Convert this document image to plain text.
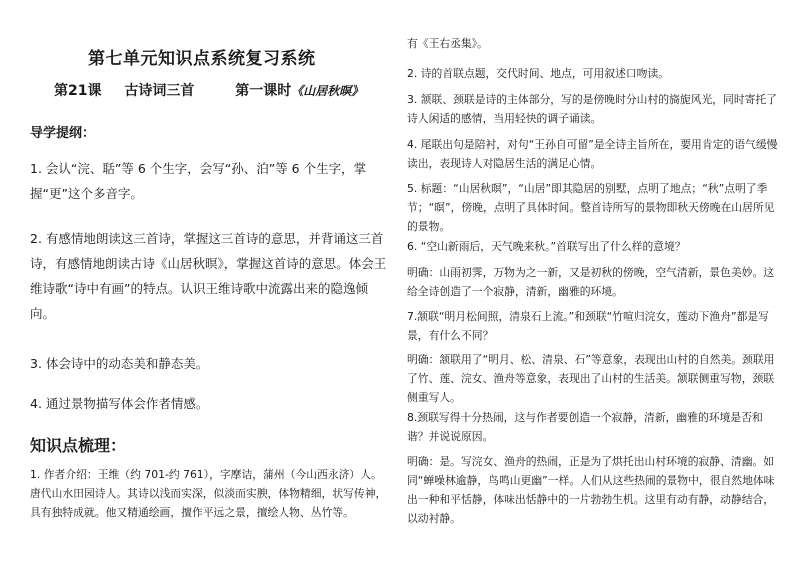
第七单元知识点系统复习系统
第21课 古诗词三首	第一课时《山居秋暝》
导学提纲：
1. 会认“浣、聒”等 6 个生字，会写“孙、泊”等 6 个生字，掌握“更”这个多音字。
2. 有感情地朗读这三首诗，掌握这三首诗的意思，并背诵这三首诗，有感情地朗读古诗《山居秋暝》，掌握这首诗的意思。体会王维诗歌“诗中有画”的特点。认识王维诗歌中流露出来的隐逸倾向。
3. 体会诗中的动态美和静态美。
4. 通过景物描写体会作者情感。
知识点梳理：
1. 作者介绍：王维（约 701-约 761），字摩诘，蒲州（今山西永济）人。唐代山水田园诗人。其诗以浅而实深，似淡而实腴，体物精细，状写传神，具有独特成就。他又精通绘画，擅作平远之景，擅绘人物、丛竹等。
有《王右丞集》。
2. 诗的首联点题，交代时间、地点，可用叙述口吻读。
3. 颔联、颈联是诗的主体部分，写的是傍晚时分山村的旖旎风光，同时寄托了诗人闲适的感情，当用轻快的调子诵读。
4. 尾联出句是陪衬，对句“王孙自可留”是全诗主旨所在，要用肯定的语气缓慢读出，表现诗人对隐居生活的满足心情。
5. 标题：“山居秋暝”，“山居”即其隐居的别墅，点明了地点；“秋”点明了季节；“暝”，傍晚，点明了具体时间。整首诗所写的景物即秋天傍晚在山居所见的景物。
6. “空山新雨后，天气晚来秋。”首联写出了什么样的意境？
明确：山雨初霁，万物为之一新，又是初秋的傍晚，空气清新，景色美妙。这给全诗创造了一个寂静，清新，幽雅的环境。
7.颔联“明月松间照，清泉石上流。”和颈联“竹喧归浣女，莲动下渔舟”都是写景，有什么不同？
明确：颔联用了“明月、松、清泉、石”等意象，表现出山村的自然美。颈联用了竹、莲、浣女、渔舟等意象，表现出了山村的生活美。颔联侧重写物，颈联侧重写人。
8.颈联写得十分热闹，这与作者要创造一个寂静，清新，幽雅的环境是否和谐？并说说原因。
明确：是。写浣女、渔舟的热闹，正是为了烘托出山村环境的寂静、清幽。如同“蝉噪林逾静，鸟鸣山更幽”一样。人们从这些热闹的景物中，很自然地体味出一种和平恬静，体味出恬静中的一片勃勃生机。这里有动有静，动静结合，以动衬静。
